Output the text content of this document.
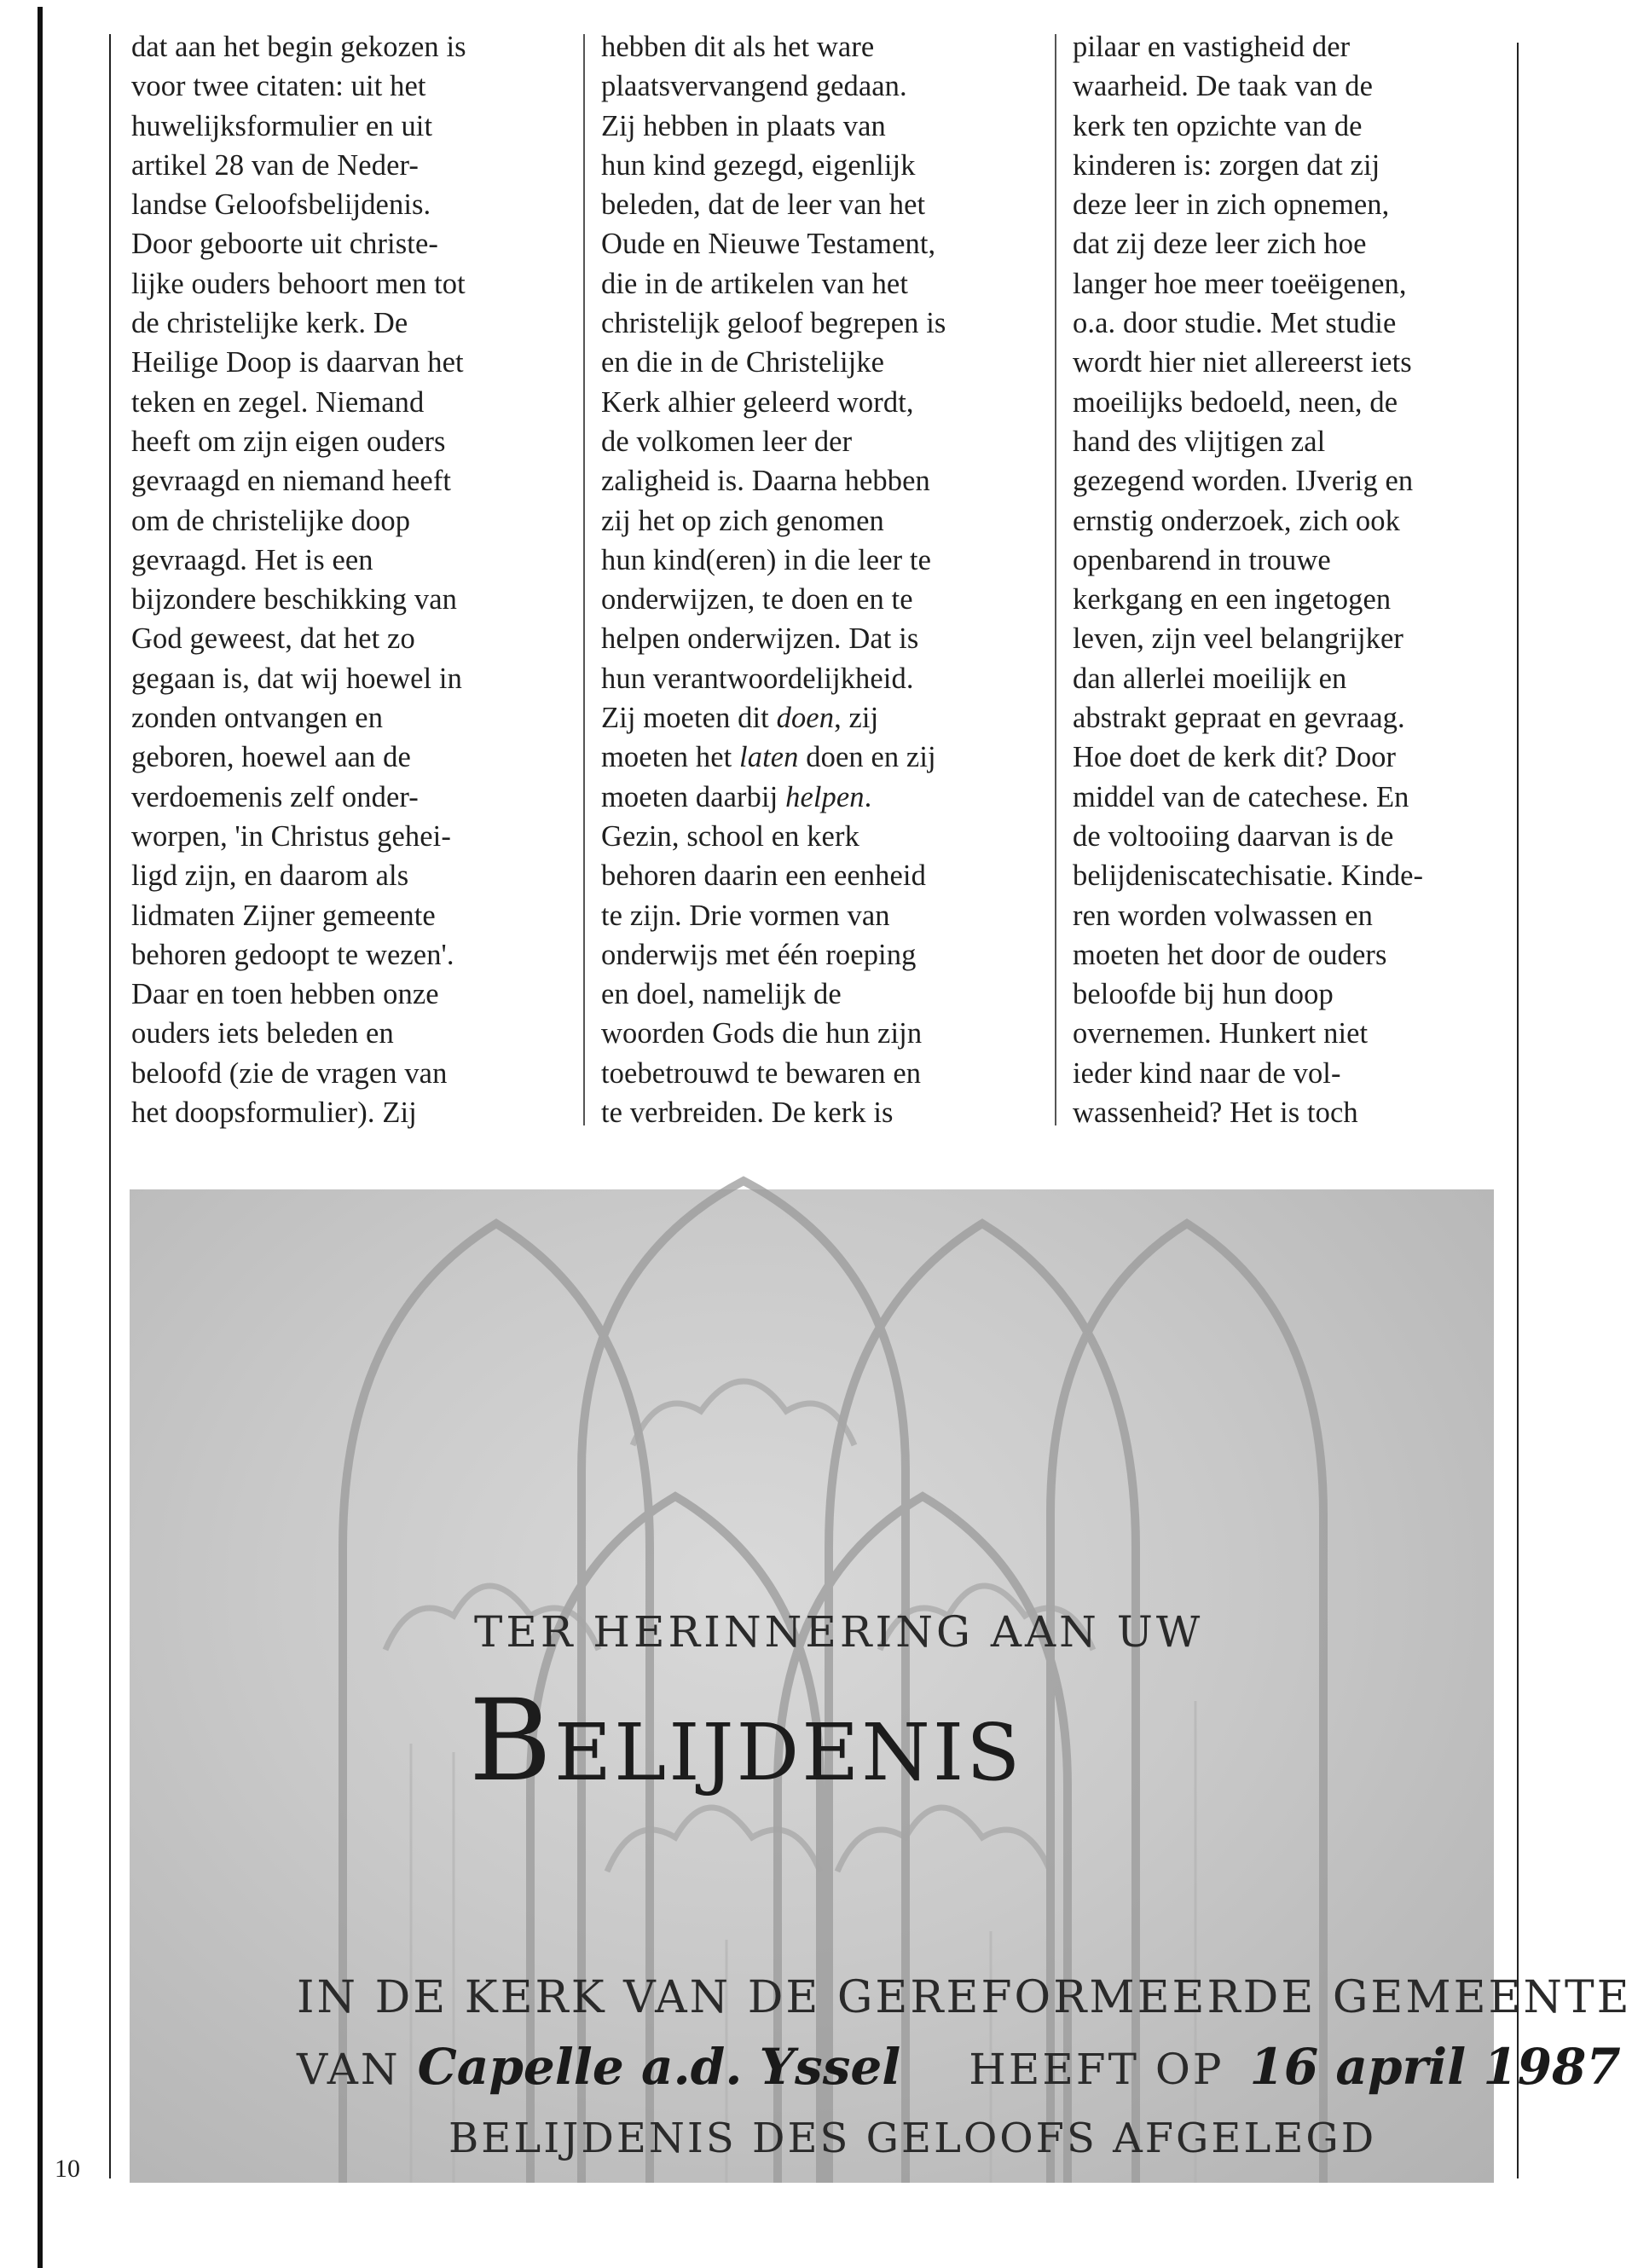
dat aan het begin gekozen is
voor twee citaten: uit het
huwelijksformulier en uit
artikel 28 van de Neder-
landse Geloofsbelijdenis.
Door geboorte uit christe-
lijke ouders behoort men tot
de christelijke kerk. De
Heilige Doop is daarvan het
teken en zegel. Niemand
heeft om zijn eigen ouders
gevraagd en niemand heeft
om de christelijke doop
gevraagd. Het is een
bijzondere beschikking van
God geweest, dat het zo
gegaan is, dat wij hoewel in
zonden ontvangen en
geboren, hoewel aan de
verdoemenis zelf onder-
worpen, 'in Christus gehei-
ligd zijn, en daarom als
lidmaten Zijner gemeente
behoren gedoopt te wezen'.
Daar en toen hebben onze
ouders iets beleden en
beloofd (zie de vragen van
het doopsformulier). Zij
hebben dit als het ware
plaatsvervangend gedaan.
Zij hebben in plaats van
hun kind gezegd, eigenlijk
beleden, dat de leer van het
Oude en Nieuwe Testament,
die in de artikelen van het
christelijk geloof begrepen is
en die in de Christelijke
Kerk alhier geleerd wordt,
de volkomen leer der
zaligheid is. Daarna hebben
zij het op zich genomen
hun kind(eren) in die leer te
onderwijzen, te doen en te
helpen onderwijzen. Dat is
hun verantwoordelijkheid.
Zij moeten dit doen, zij
moeten het laten doen en zij
moeten daarbij helpen.
Gezin, school en kerk
behoren daarin een eenheid
te zijn. Drie vormen van
onderwijs met één roeping
en doel, namelijk de
woorden Gods die hun zijn
toebetrouwd te bewaren en
te verbreiden. De kerk is
pilaar en vastigheid der
waarheid. De taak van de
kerk ten opzichte van de
kinderen is: zorgen dat zij
deze leer in zich opnemen,
dat zij deze leer zich hoe
langer hoe meer toeëigenen,
o.a. door studie. Met studie
wordt hier niet allereerst iets
moeilijks bedoeld, neen, de
hand des vlijtigen zal
gezegend worden. IJverig en
ernstig onderzoek, zich ook
openbarend in trouwe
kerkgang en een ingetogen
leven, zijn veel belangrijker
dan allerlei moeilijk en
abstrakt gepraat en gevraag.
Hoe doet de kerk dit? Door
middel van de catechese. En
de voltooiing daarvan is de
belijdeniscatechisatie. Kinde-
ren worden volwassen en
moeten het door de ouders
beloofde bij hun doop
overnemen. Hunkert niet
ieder kind naar de vol-
wassenheid? Het is toch
TER HERINNERING AAN UW
Belijdenis
IN DE KERK VAN DE GEREFORMEERDE GEMEENTE
VAN Capelle a.d. Yssel HEEFT OP 16 april 1987
BELIJDENIS DES GELOOFS AFGELEGD
10
